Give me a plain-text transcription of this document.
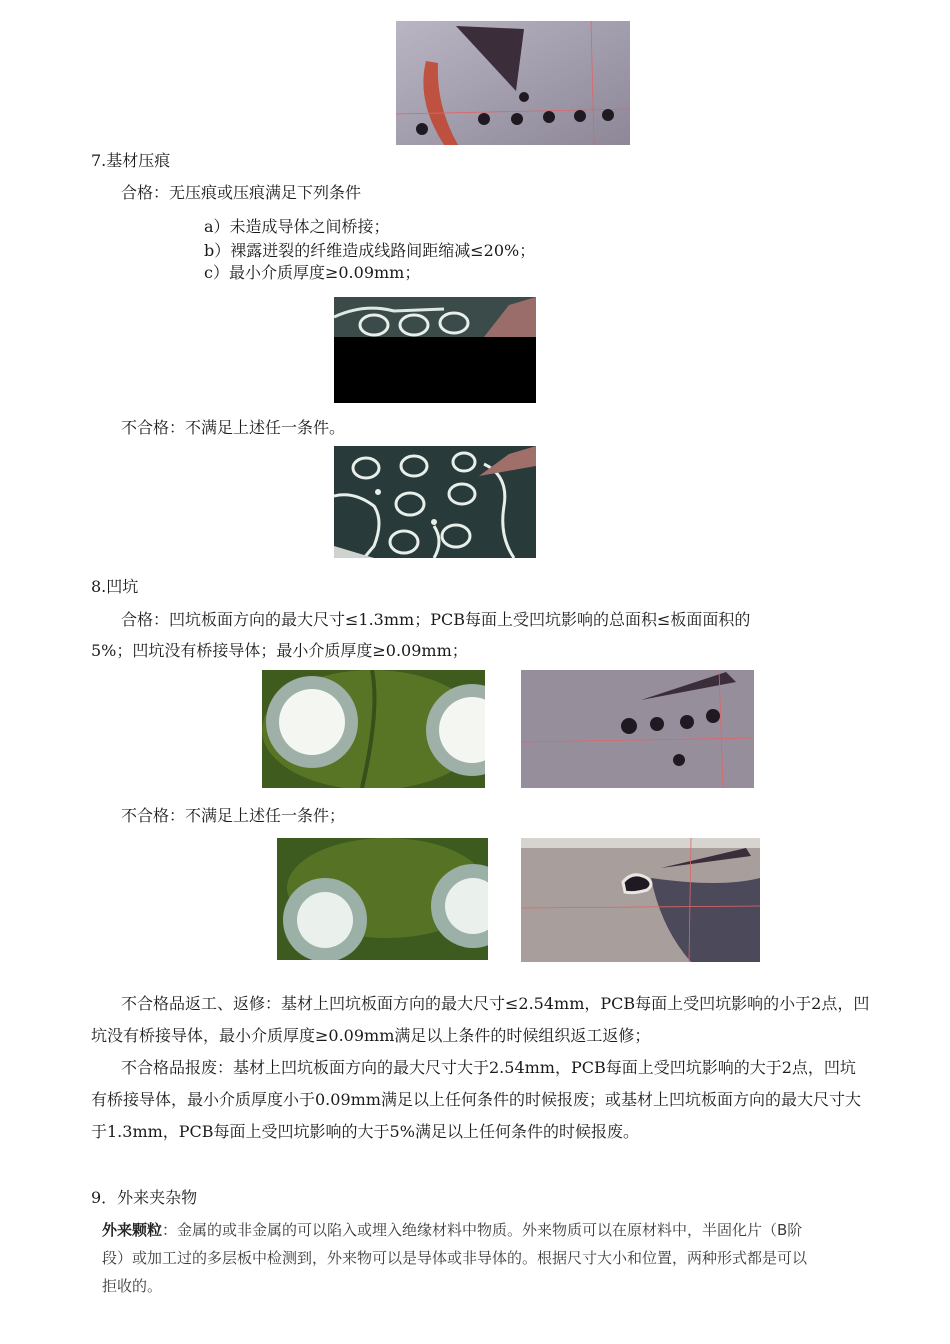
7.基材压痕
合格：无压痕或压痕满足下列条件
a）未造成导体之间桥接；
b）裸露迸裂的纤维造成线路间距缩减≤20%；
c）最小介质厚度≥0.09mm；
不合格：不满足上述任一条件。
8.凹坑
合格：凹坑板面方向的最大尺寸≤1.3mm；PCB每面上受凹坑影响的总面积≤板面面积的
5%；凹坑没有桥接导体；最小介质厚度≥0.09mm；
不合格：不满足上述任一条件；
不合格品返工、返修：基材上凹坑板面方向的最大尺寸≤2.54mm，PCB每面上受凹坑影响的小于2点，凹坑没有桥接导体，最小介质厚度≥0.09mm满足以上条件的时候组织返工返修；
不合格品报废：基材上凹坑板面方向的最大尺寸大于2.54mm，PCB每面上受凹坑影响的大于2点，凹坑有桥接导体，最小介质厚度小于0.09mm满足以上任何条件的时候报废；或基材上凹坑板面方向的最大尺寸大于1.3mm，PCB每面上受凹坑影响的大于5%满足以上任何条件的时候报废。
9．外来夹杂物
外来颗粒：金属的或非金属的可以陷入或埋入绝缘材料中物质。外来物质可以在原材料中，半固化片（B阶段）或加工过的多层板中检测到，外来物可以是导体或非导体的。根据尺寸大小和位置，两种形式都是可以拒收的。
